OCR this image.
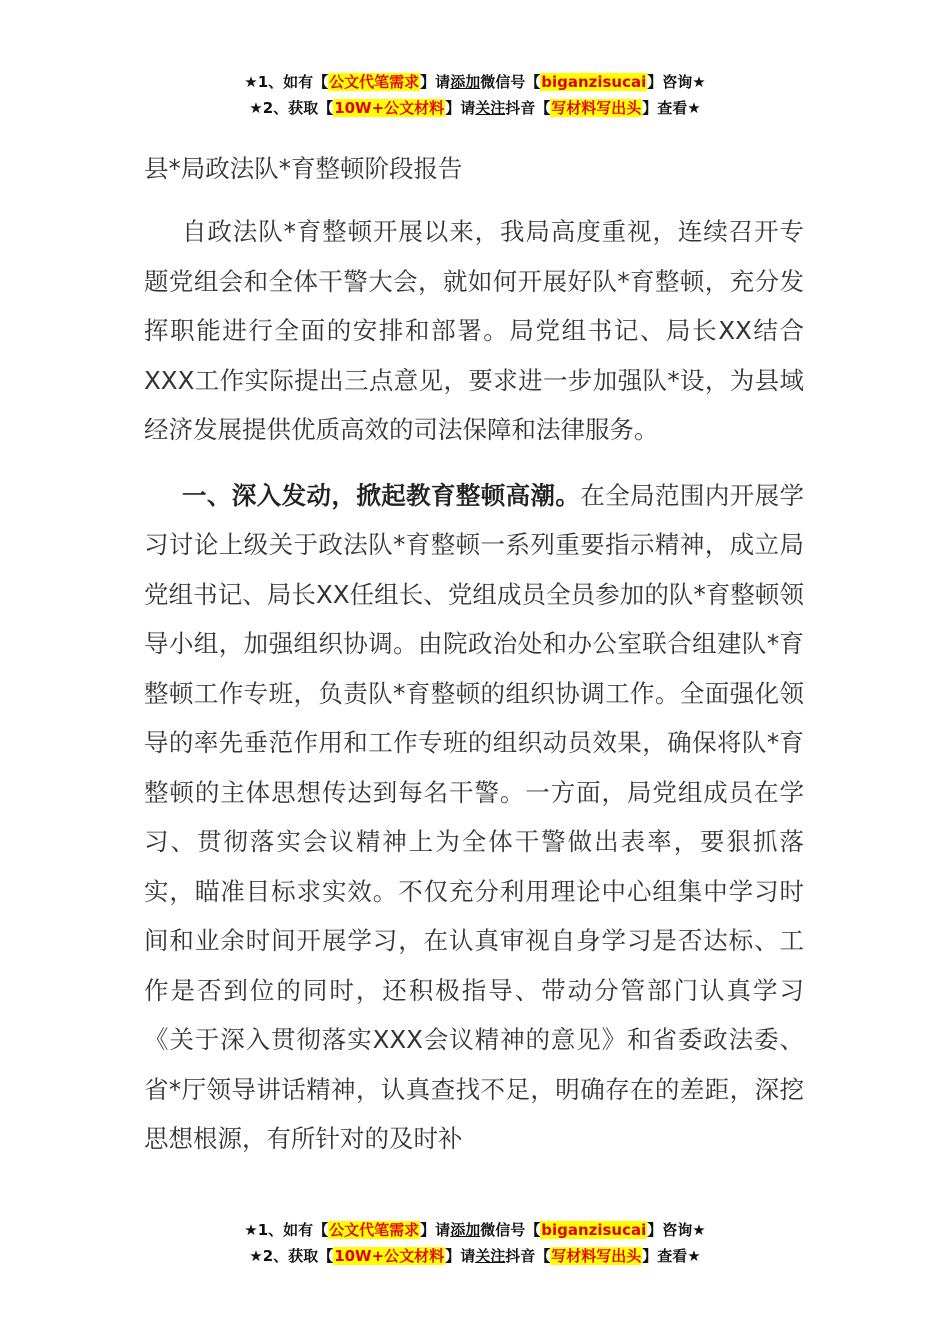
★1、如有【公文代笔需求】请添加微信号【biganzisucai】咨询★
★2、获取【10W+公文材料】请关注抖音【写材料写出头】查看★
县*局政法队*育整顿阶段报告

自政法队*育整顿开展以来，我局高度重视，连续召开专题党组会和全体干警大会，就如何开展好队*育整顿，充分发挥职能进行全面的安排和部署。局党组书记、局长XX结合XXX工作实际提出三点意见，要求进一步加强队*设，为县域经济发展提供优质高效的司法保障和法律服务。

一、深入发动，掀起教育整顿高潮。在全局范围内开展学习讨论上级关于政法队*育整顿一系列重要指示精神，成立局党组书记、局长XX任组长、党组成员全员参加的队*育整顿领导小组，加强组织协调。由院政治处和办公室联合组建队*育整顿工作专班，负责队*育整顿的组织协调工作。全面强化领导的率先垂范作用和工作专班的组织动员效果，确保将队*育整顿的主体思想传达到每名干警。一方面，局党组成员在学习、贯彻落实会议精神上为全体干警做出表率，要狠抓落实，瞄准目标求实效。不仅充分利用理论中心组集中学习时间和业余时间开展学习，在认真审视自身学习是否达标、工作是否到位的同时，还积极指导、带动分管部门认真学习《关于深入贯彻落实XXX会议精神的意见》和省委政法委、省*厅领导讲话精神，认真查找不足，明确存在的差距，深挖思想根源，有所针对的及时补

★1、如有【公文代笔需求】请添加微信号【biganzisucai】咨询★
★2、获取【10W+公文材料】请关注抖音【写材料写出头】查看★
